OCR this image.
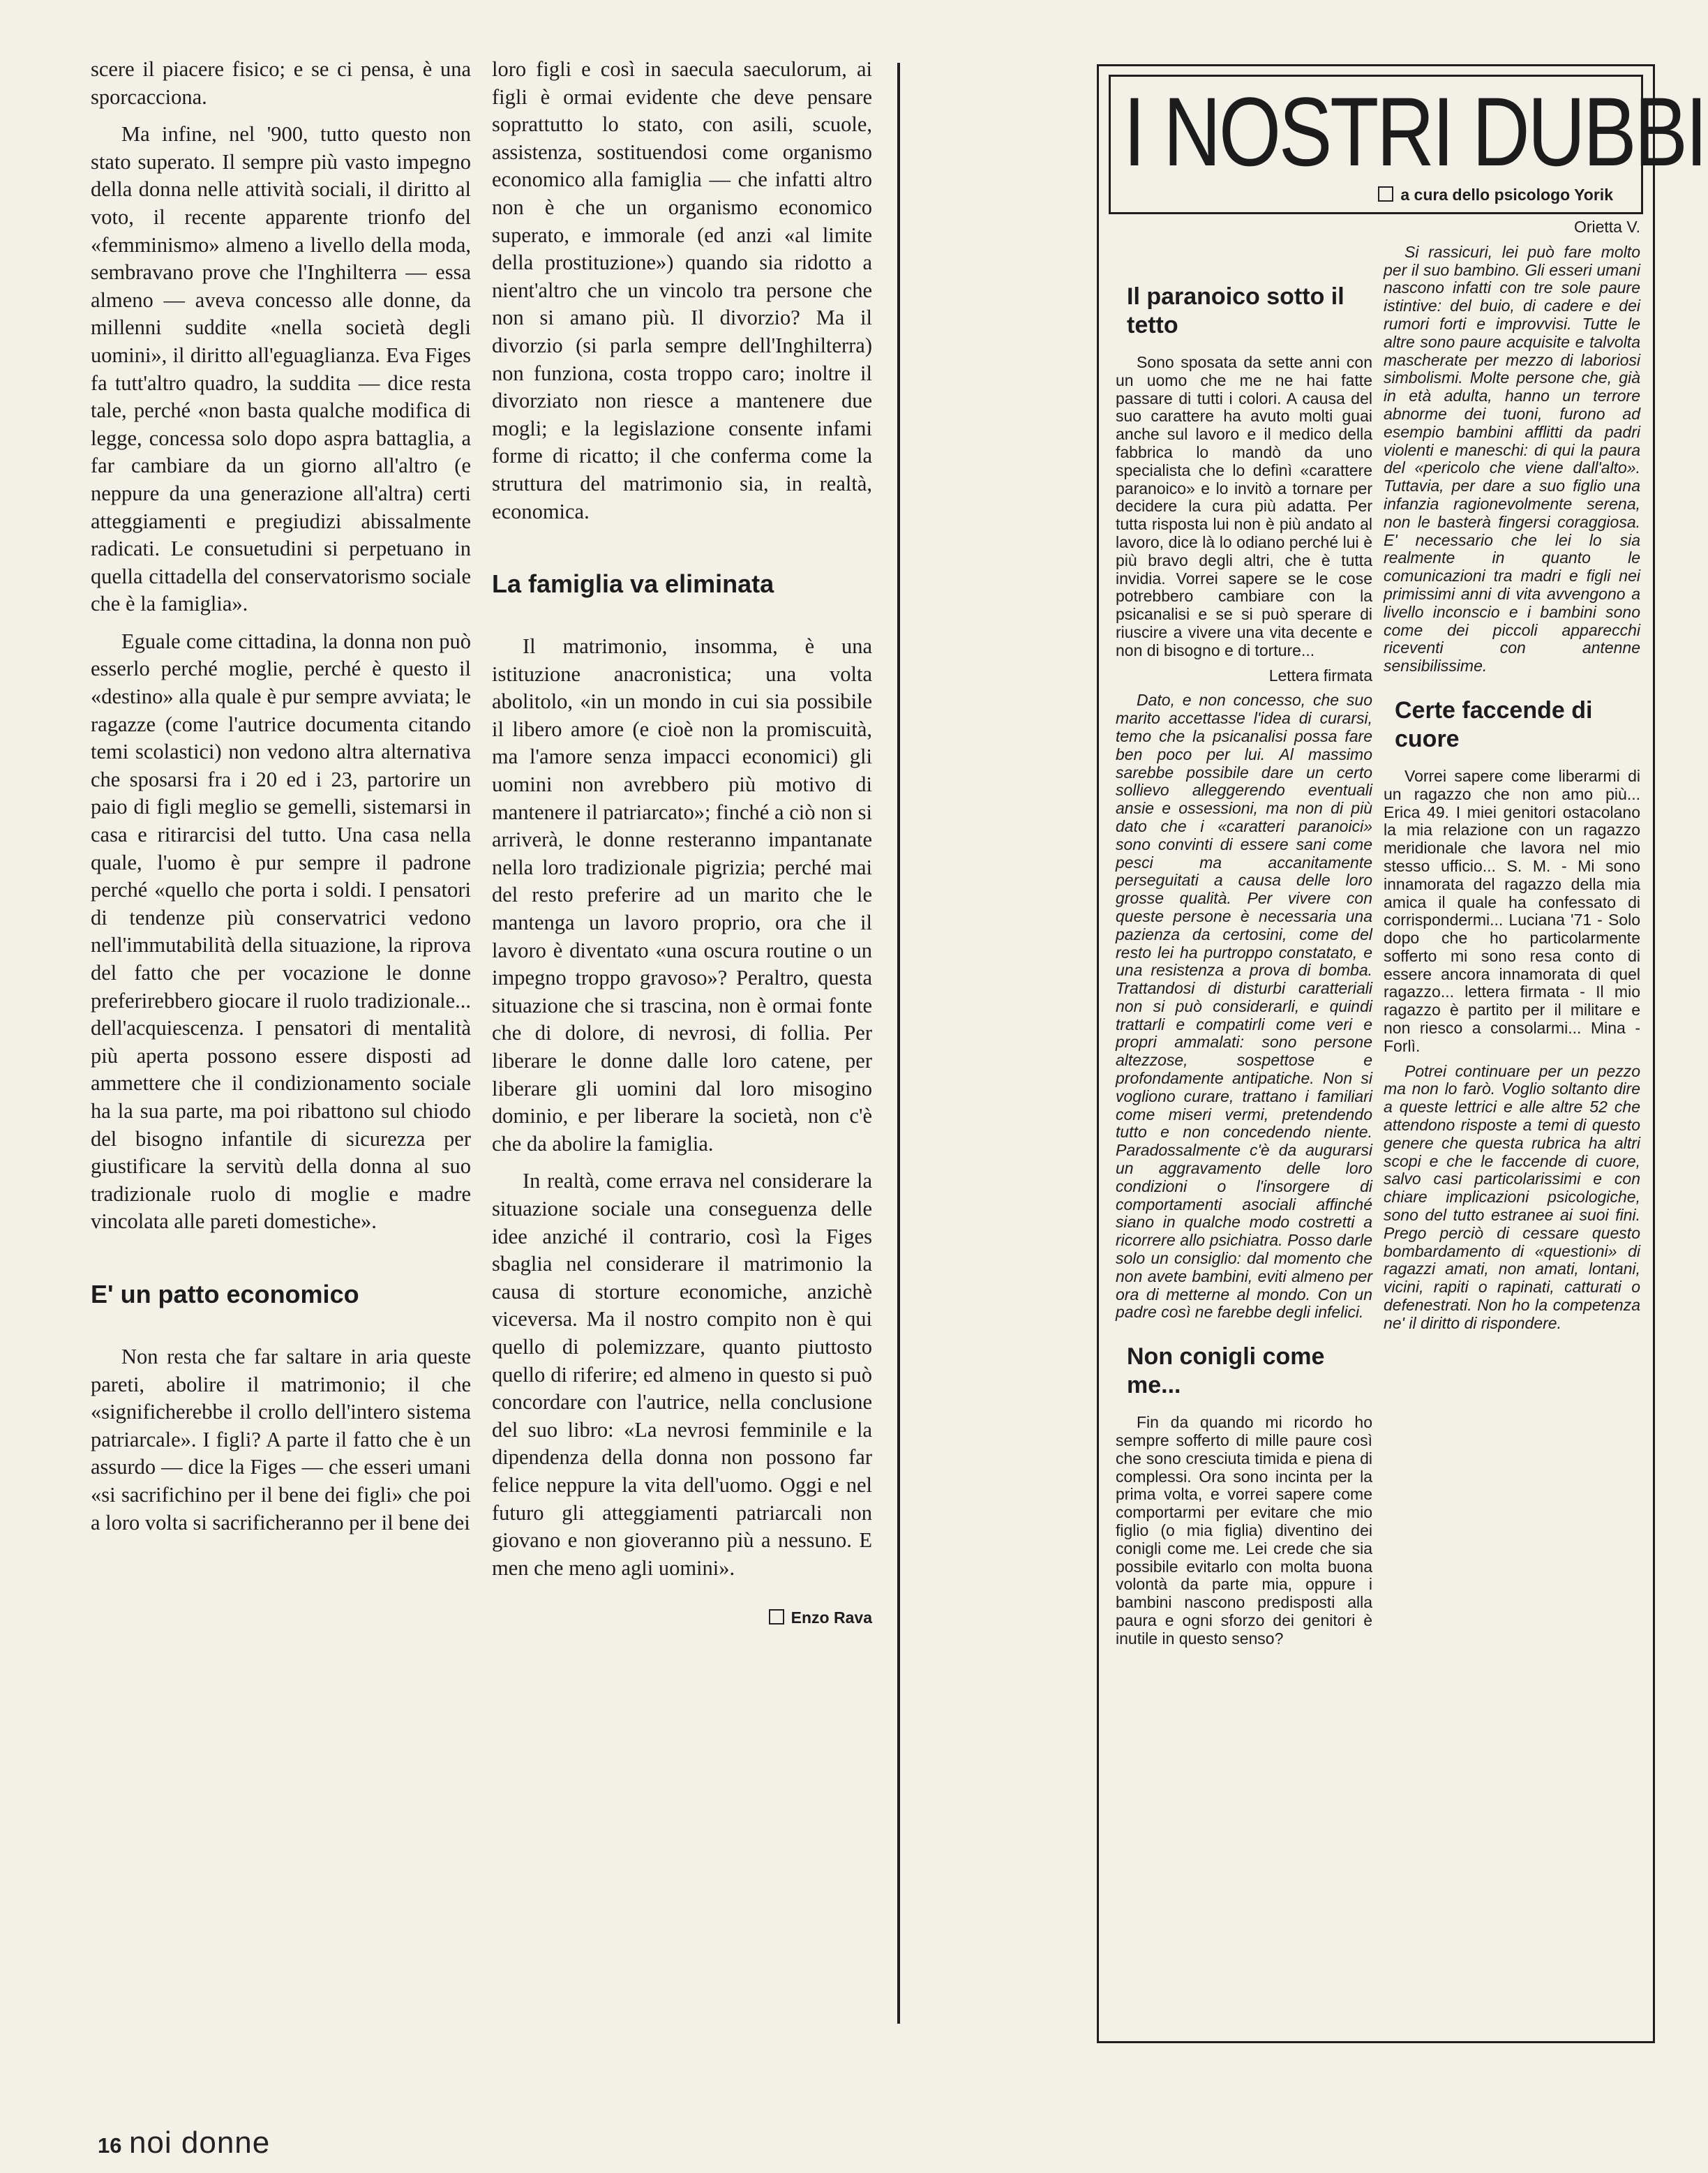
scere il piacere fisico; e se ci pensa, è una sporcacciona.

Ma infine, nel '900, tutto questo non stato superato. Il sempre più vasto impegno della donna nelle attività sociali, il diritto al voto, il recente apparente trionfo del «femminismo» almeno a livello della moda, sembravano prove che l'Inghilterra — essa almeno — aveva concesso alle donne, da millenni suddite «nella società degli uomini», il diritto all'eguaglianza. Eva Figes fa tutt'altro quadro, la suddita — dice resta tale, perché «non basta qualche modifica di legge, concessa solo dopo aspra battaglia, a far cambiare da un giorno all'altro (e neppure da una generazione all'altra) certi atteggiamenti e pregiudizi abissalmente radicati. Le consuetudini si perpetuano in quella cittadella del conservatorismo sociale che è la famiglia».

Eguale come cittadina, la donna non può esserlo perché moglie, perché è questo il «destino» alla quale è pur sempre avviata; le ragazze (come l'autrice documenta citando temi scolastici) non vedono altra alternativa che sposarsi fra i 20 ed i 23, partorire un paio di figli meglio se gemelli, sistemarsi in casa e ritirarcisi del tutto. Una casa nella quale, l'uomo è pur sempre il padrone perché «quello che porta i soldi. I pensatori di tendenze più conservatrici vedono nell'immutabilità della situazione, la riprova del fatto che per vocazione le donne preferirebbero giocare il ruolo tradizionale... dell'acquiescenza. I pensatori di mentalità più aperta possono essere disposti ad ammettere che il condizionamento sociale ha la sua parte, ma poi ribattono sul chiodo del bisogno infantile di sicurezza per giustificare la servitù della donna al suo tradizionale ruolo di moglie e madre vincolata alle pareti domestiche».

E' un patto economico

Non resta che far saltare in aria queste pareti, abolire il matrimonio; il che «significherebbe il crollo dell'intero sistema patriarcale». I figli? A parte il fatto che è un assurdo — dice la Figes — che esseri umani «si sacrifichino per il bene dei figli» che poi a loro volta si sacrificheranno per il bene dei

loro figli e così in saecula saeculorum, ai figli è ormai evidente che deve pensare soprattutto lo stato, con asili, scuole, assistenza, sostituendosi come organismo economico alla famiglia — che infatti altro non è che un organismo economico superato, e immorale (ed anzi «al limite della prostituzione») quando sia ridotto a nient'altro che un vincolo tra persone che non si amano più. Il divorzio? Ma il divorzio (si parla sempre dell'Inghilterra) non funziona, costa troppo caro; inoltre il divorziato non riesce a mantenere due mogli; e la legislazione consente infami forme di ricatto; il che conferma come la struttura del matrimonio sia, in realtà, economica.

La famiglia va eliminata

Il matrimonio, insomma, è una istituzione anacronistica; una volta abolitolo, «in un mondo in cui sia possibile il libero amore (e cioè non la promiscuità, ma l'amore senza impacci economici) gli uomini non avrebbero più motivo di mantenere il patriarcato»; finché a ciò non si arriverà, le donne resteranno impantanate nella loro tradizionale pigrizia; perché mai del resto preferire ad un marito che le mantenga un lavoro proprio, ora che il lavoro è diventato «una oscura routine o un impegno troppo gravoso»? Peraltro, questa situazione che si trascina, non è ormai fonte che di dolore, di nevrosi, di follia. Per liberare le donne dalle loro catene, per liberare gli uomini dal loro misogino dominio, e per liberare la società, non c'è che da abolire la famiglia.

In realtà, come errava nel considerare la situazione sociale una conseguenza delle idee anziché il contrario, così la Figes sbaglia nel considerare il matrimonio la causa di storture economiche, anzichè viceversa. Ma il nostro compito non è qui quello di polemizzare, quanto piuttosto quello di riferire; ed almeno in questo si può concordare con l'autrice, nella conclusione del suo libro: «La nevrosi femminile e la dipendenza della donna non possono far felice neppure la vita dell'uomo. Oggi e nel futuro gli atteggiamenti patriarcali non giovano e non gioveranno più a nessuno. E men che meno agli uomini».

Enzo Rava
16 noi donne
I NOSTRI DUBBI
a cura dello psicologo Yorik
Il paranoico sotto il tetto

Sono sposata da sette anni con un uomo che me ne hai fatte passare di tutti i colori. A causa del suo carattere ha avuto molti guai anche sul lavoro e il medico della fabbrica lo mandò da uno specialista che lo definì «carattere paranoico» e lo invitò a tornare per decidere la cura più adatta. Per tutta risposta lui non è più andato al lavoro, dice là lo odiano perché lui è più bravo degli altri, che è tutta invidia. Vorrei sapere se le cose potrebbero cambiare con la psicanalisi e se si può sperare di riuscire a vivere una vita decente e non di bisogno e di torture...

Lettera firmata

Dato, e non concesso, che suo marito accettasse l'idea di curarsi, temo che la psicanalisi possa fare ben poco per lui. Al massimo sarebbe possibile dare un certo sollievo alleggerendo eventuali ansie e ossessioni, ma non di più dato che i «caratteri paranoici» sono convinti di essere sani come pesci ma accanitamente perseguitati a causa delle loro grosse qualità. Per vivere con queste persone è necessaria una pazienza da certosini, come del resto lei ha purtroppo constatato, e una resistenza a prova di bomba. Trattandosi di disturbi caratteriali non si può considerarli, e quindi trattarli e compatirli come veri e propri ammalati: sono persone altezzose, sospettose e profondamente antipatiche. Non si vogliono curare, trattano i familiari come miseri vermi, pretendendo tutto e non concedendo niente. Paradossalmente c'è da augurarsi un aggravamento delle loro condizioni o l'insorgere di comportamenti asociali affinché siano in qualche modo costretti a ricorrere allo psichiatra. Posso darle solo un consiglio: dal momento che non avete bambini, eviti almeno per ora di metterne al mondo. Con un padre così ne farebbe degli infelici.

Non conigli come me...

Fin da quando mi ricordo ho sempre sofferto di mille paure così che sono cresciuta timida e piena di complessi. Ora sono incinta per la prima volta, e vorrei sapere come comportarmi per evitare che mio figlio (o mia figlia) diventino dei conigli come me. Lei crede che sia possibile evitarlo con molta buona volontà da parte mia, oppure i bambini nascono predisposti alla paura e ogni sforzo dei genitori è inutile in questo senso?

Orietta V.

Si rassicuri, lei può fare molto per il suo bambino. Gli esseri umani nascono infatti con tre sole paure istintive: del buio, di cadere e dei rumori forti e improvvisi. Tutte le altre sono paure acquisite e talvolta mascherate per mezzo di laboriosi simbolismi. Molte persone che, già in età adulta, hanno un terrore abnorme dei tuoni, furono ad esempio bambini afflitti da padri violenti e maneschi: di qui la paura del «pericolo che viene dall'alto». Tuttavia, per dare a suo figlio una infanzia ragionevolmente serena, non le basterà fingersi coraggiosa. E' necessario che lei lo sia realmente in quanto le comunicazioni tra madri e figli nei primissimi anni di vita avvengono a livello inconscio e i bambini sono come dei piccoli apparecchi riceventi con antenne sensibilissime.

Certe faccende di cuore

Vorrei sapere come liberarmi di un ragazzo che non amo più... Erica 49. I miei genitori ostacolano la mia relazione con un ragazzo meridionale che lavora nel mio stesso ufficio... S. M. - Mi sono innamorata del ragazzo della mia amica il quale ha confessato di corrispondermi... Luciana '71 - Solo dopo che ho particolarmente sofferto mi sono resa conto di essere ancora innamorata di quel ragazzo... lettera firmata - Il mio ragazzo è partito per il militare e non riesco a consolarmi... Mina - Forlì.

Potrei continuare per un pezzo ma non lo farò. Voglio soltanto dire a queste lettrici e alle altre 52 che attendono risposte a temi di questo genere che questa rubrica ha altri scopi e che le faccende di cuore, salvo casi particolarissimi e con chiare implicazioni psicologiche, sono del tutto estranee ai suoi fini. Prego perciò di cessare questo bombardamento di «questioni» di ragazzi amati, non amati, lontani, vicini, rapiti o rapinati, catturati o defenestrati. Non ho la competenza ne' il diritto di rispondere.
